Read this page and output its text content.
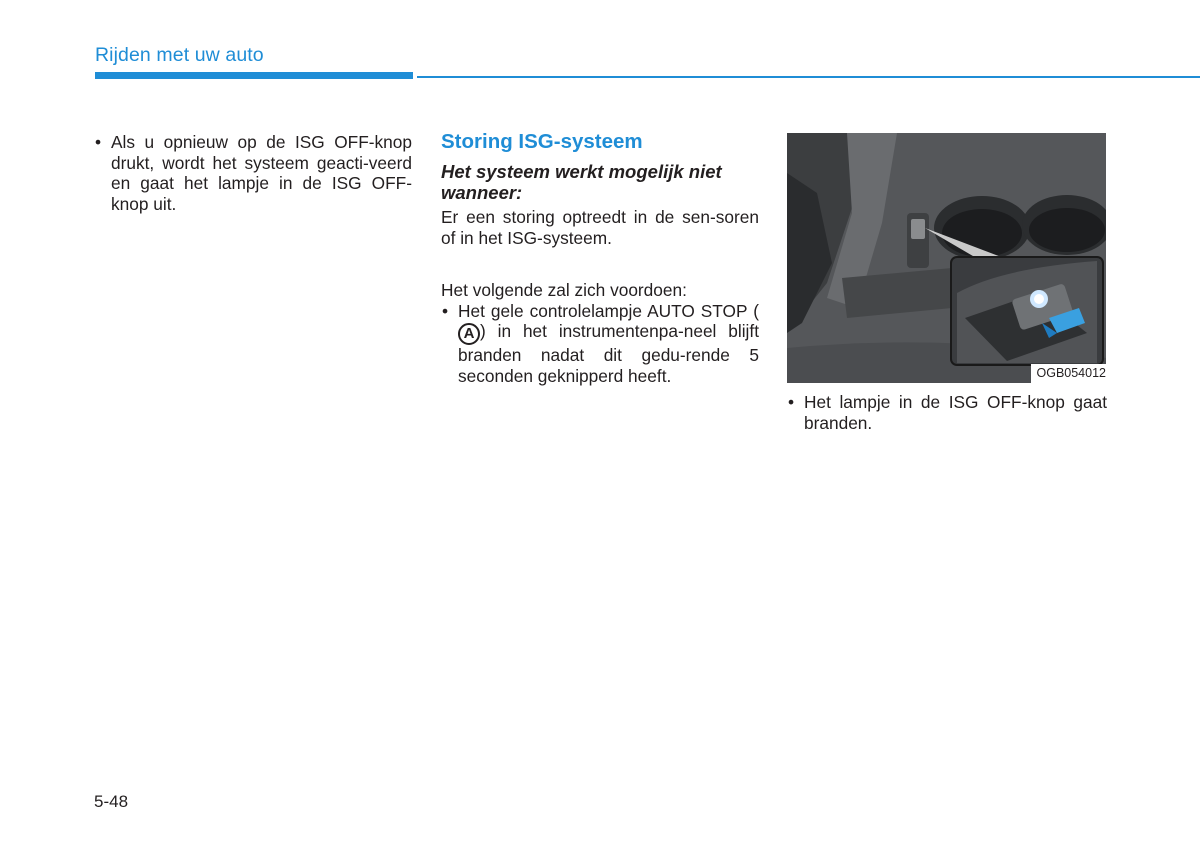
Rijden met uw auto
• Als u opnieuw op de ISG OFF-knop drukt, wordt het systeem geacti-veerd en gaat het lampje in de ISG OFF-knop uit.
Storing ISG-systeem
Het systeem werkt mogelijk niet wanneer:

Er een storing optreedt in de sen-soren of in het ISG-systeem.

Het volgende zal zich voordoen:

• Het gele controlelampje AUTO STOP (A ) in het instrumentenpa-neel blijft branden nadat dit gedu-rende 5 seconden geknipperd heeft.	OGB054012
• Het lampje in de ISG OFF-knop gaat branden.
5-48
